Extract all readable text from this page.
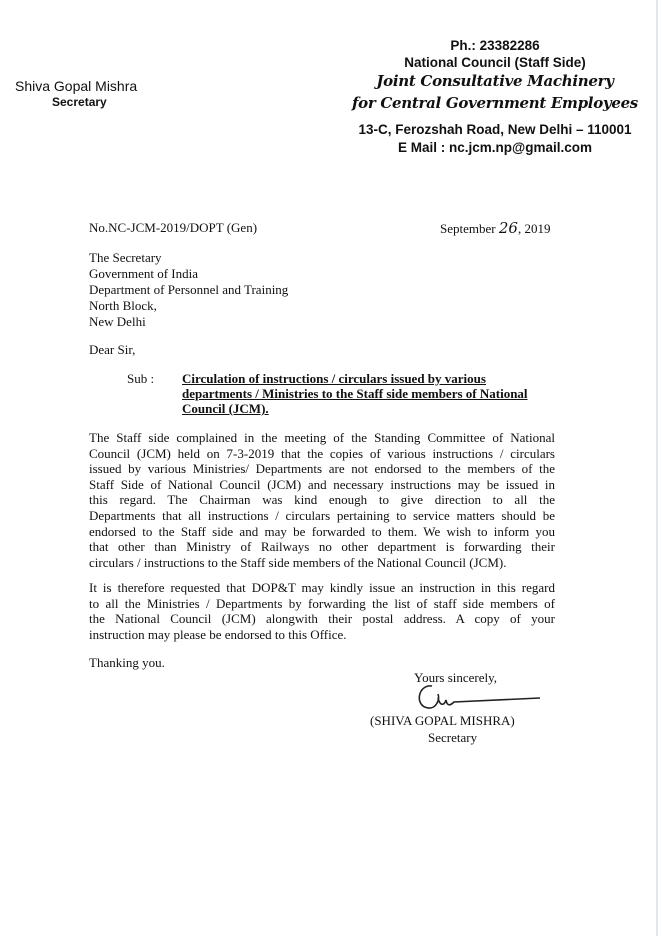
Shiva Gopal Mishra
Secretary
Ph.: 23382286
National Council (Staff Side)
Joint Consultative Machinery
for Central Government Employees
13-C, Ferozshah Road, New Delhi – 110001
E Mail : nc.jcm.np@gmail.com
No.NC-JCM-2019/DOPT (Gen)	September 26, 2019
The Secretary
Government of India
Department of Personnel and Training
North Block,
New Delhi
Dear Sir,
Sub : Circulation of instructions / circulars issued by various
departments / Ministries to the Staff side members of National
Council (JCM).
The Staff side complained in the meeting of the Standing Committee of National
Council (JCM) held on 7-3-2019 that the copies of various instructions / circulars
issued by various Ministries/ Departments are not endorsed to the members of the
Staff Side of National Council (JCM) and necessary instructions may be issued in
this regard. The Chairman was kind enough to give direction to all the
Departments that all instructions / circulars pertaining to service matters should be
endorsed to the Staff side and may be forwarded to them. We wish to inform you
that other than Ministry of Railways no other department is forwarding their
circulars / instructions to the Staff side members of the National Council (JCM).
It is therefore requested that DOP&T may kindly issue an instruction in this regard
to all the Ministries / Departments by forwarding the list of staff side members of
the National Council (JCM) alongwith their postal address. A copy of your
instruction may please be endorsed to this Office.
Thanking you.
Yours sincerely,
(SHIVA GOPAL MISHRA)
Secretary
